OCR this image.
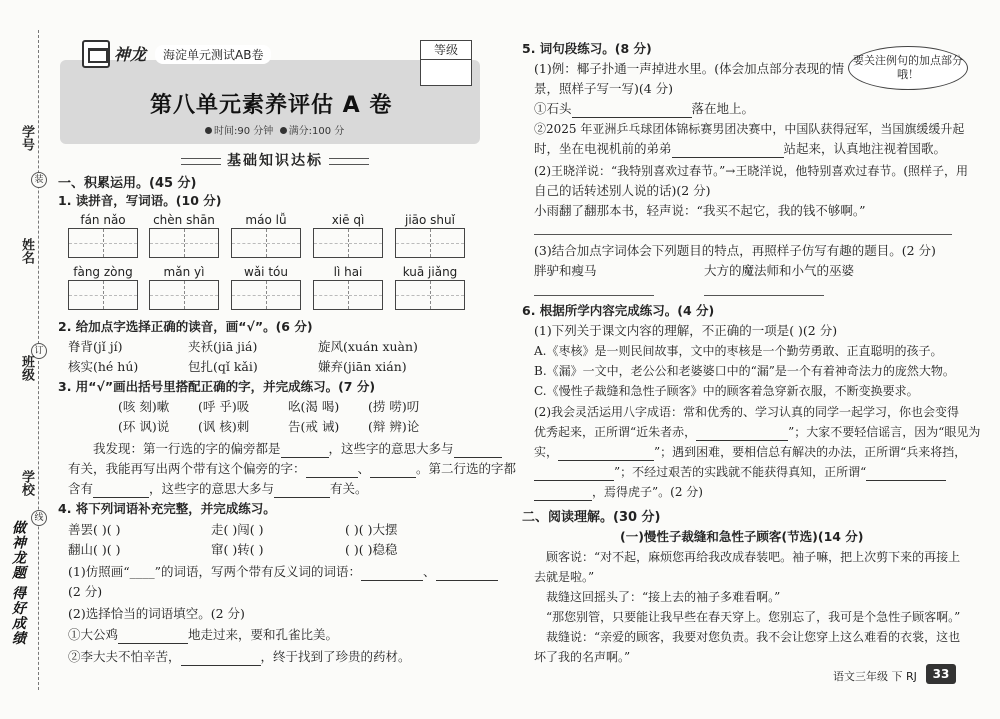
学号
装
姓名
订
班级
学校
线
做神龙题 得好成绩
神龙	海淀单元测试AB卷	等级
第八单元素养评估 A 卷
时间:90 分钟 满分:100 分
基础知识达标
一、积累运用。(45 分)
1. 读拼音，写词语。(10 分)
fán nǎo	chèn shān	máo lǚ	xiē qì	jiāo shuǐ
fàng zòng	mǎn yì	wǎi tóu	lì hai	kuā jiǎng
2. 给加点字选择正确的读音，画“√”。(6 分)
脊背(jǐ jí)	夹袄(jiā jiá)	旋风(xuán xuàn)
核实(hé hú)	包扎(qǐ kǎi)	嫌弃(jiān xián)
3. 用“√”画出括号里搭配正确的字，并完成练习。(7 分)
(咳 刻)嗽 (呼 乎)吸	吆(渴 喝) (捞 唠)叨
(环 讽)说 (讽 核)刺	告(戒 诫) (辩 辨)论
我发现：第一行选的字的偏旁都是	，这些字的意思大多与
有关，我能再写出两个带有这个偏旁的字：	、	。第二行选的字都
含有	，这些字的意思大多与	有关。
4. 将下列词语补充完整，并完成练习。
善罢( )( )	走( )闯( )	( )( )大摆
翻山( )( )	窜( )转( )	( )( )稳稳
(1)仿照画“____”的词语，写两个带有反义词的词语：	、
(2 分)
(2)选择恰当的词语填空。(2 分)
①大公鸡	地走过来，要和孔雀比美。
②李大夫不怕辛苦，	，终于找到了珍贵的药材。
5. 词句段练习。(8 分)
要关注例句的加点部分哦！
(1)例：椰子扑通一声掉进水里。(体会加点部分表现的情
景，照样子写一写)(4 分)
①石头	落在地上。
②2025 年亚洲乒乓球团体锦标赛男团决赛中，中国队获得冠军，当国旗缓缓升起
时，坐在电视机前的弟弟	站起来，认真地注视着国歌。
(2)王晓洋说：“我特别喜欢过春节。”→王晓洋说，他特别喜欢过春节。(照样子，用
自己的话转述别人说的话)(2 分)
小雨翻了翻那本书，轻声说：“我买不起它，我的钱不够啊。”
(3)结合加点字词体会下列题目的特点，再照样子仿写有趣的题目。(2 分)
胖驴和瘦马	大方的魔法师和小气的巫婆
6. 根据所学内容完成练习。(4 分)
(1)下列关于课文内容的理解，不正确的一项是( )(2 分)
A.《枣核》是一则民间故事，文中的枣核是一个勤劳勇敢、正直聪明的孩子。
B.《漏》一文中，老公公和老婆婆口中的“漏”是一个有着神奇法力的庞然大物。
C.《慢性子裁缝和急性子顾客》中的顾客着急穿新衣服，不断变换要求。
(2)我会灵活运用八字成语：常和优秀的、学习认真的同学一起学习，你也会变得
优秀起来，正所谓“近朱者赤，	”；大家不要轻信谣言，因为“眼见为
实，	”；遇到困难，要相信总有解决的办法，正所谓“兵来将挡，
”；不经过艰苦的实践就不能获得真知，正所谓“
，焉得虎子”。(2 分)
二、阅读理解。(30 分)
(一)慢性子裁缝和急性子顾客(节选)(14 分)
顾客说：“对不起，麻烦您再给我改成春装吧。袖子嘛，把上次剪下来的再接上
去就是啦。”
裁缝这回摇头了：“接上去的袖子多难看啊。”
“那您别管，只要能让我早些在春天穿上。您别忘了，我可是个急性子顾客啊。”
裁缝说：“亲爱的顾客，我要对您负责。我不会让您穿上这么难看的衣裳，这也
坏了我的名声啊。”
语文三年级 下 RJ	33
